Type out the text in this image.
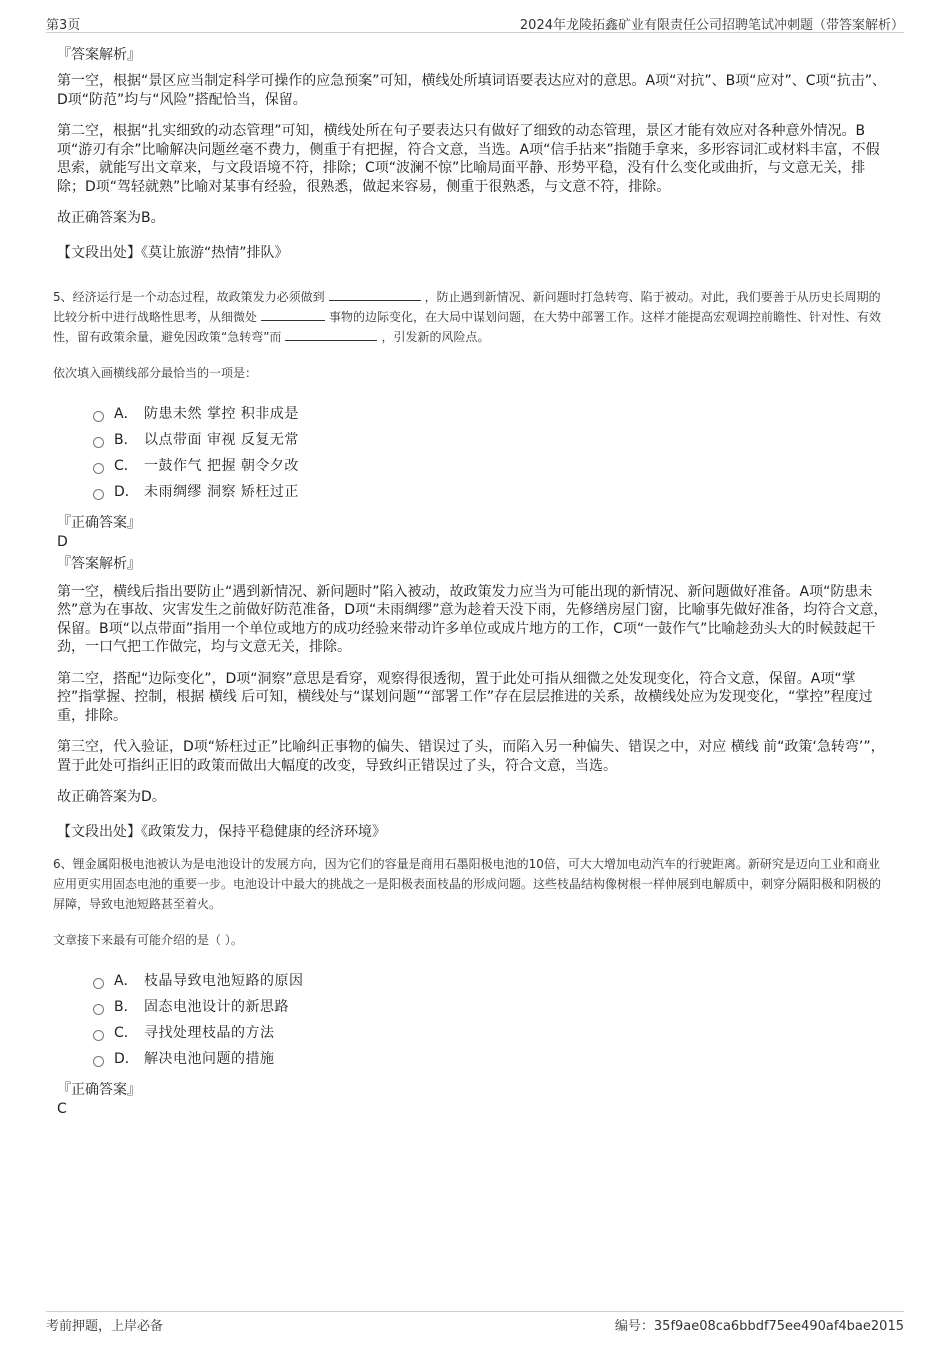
第3页	2024年龙陵拓鑫矿业有限责任公司招聘笔试冲刺题（带答案解析）
『答案解析』

第一空，根据“景区应当制定科学可操作的应急预案”可知，横线处所填词语要表达应对的意思。A项“对抗”、B项“应对”、C项“抗击”、D项“防范”均与“风险”搭配恰当，保留。

第二空，根据“扎实细致的动态管理”可知，横线处所在句子要表达只有做好了细致的动态管理，景区才能有效应对各种意外情况。B项“游刃有余”比喻解决问题丝毫不费力，侧重于有把握，符合文意，当选。A项“信手拈来”指随手拿来，多形容词汇或材料丰富，不假思索，就能写出文章来，与文段语境不符，排除；C项“波澜不惊”比喻局面平静、形势平稳，没有什么变化或曲折，与文意无关，排除；D项“驾轻就熟”比喻对某事有经验，很熟悉，做起来容易，侧重于很熟悉，与文意不符，排除。

故正确答案为B。

【文段出处】《莫让旅游“热情”排队》

5、经济运行是一个动态过程，故政策发力必须做到	，防止遇到新情况、新问题时打急转弯、陷于被动。对此，我们要善于从历史长周期的比较分析中进行战略性思考，从细微处	事物的边际变化，在大局中谋划问题，在大势中部署工作。这样才能提高宏观调控前瞻性、针对性、有效性，留有政策余量，避免因政策“急转弯”而	，引发新的风险点。
依次填入画横线部分最恰当的一项是：
A． 防患未然 掌控 积非成是
B． 以点带面 审视 反复无常
C． 一鼓作气 把握 朝令夕改
D． 未雨绸缪 洞察 矫枉过正
『正确答案』
D
『答案解析』

第一空，横线后指出要防止“遇到新情况、新问题时”陷入被动，故政策发力应当为可能出现的新情况、新问题做好准备。A项“防患未然”意为在事故、灾害发生之前做好防范准备，D项“未雨绸缪”意为趁着天没下雨，先修缮房屋门窗，比喻事先做好准备，均符合文意，保留。B项“以点带面”指用一个单位或地方的成功经验来带动许多单位或成片地方的工作，C项“一鼓作气”比喻趁劲头大的时候鼓起干劲，一口气把工作做完，均与文意无关，排除。

第二空，搭配“边际变化”，D项“洞察”意思是看穿，观察得很透彻，置于此处可指从细微之处发现变化，符合文意，保留。A项“掌控”指掌握、控制，根据 横线 后可知，横线处与“谋划问题”“部署工作”存在层层推进的关系，故横线处应为发现变化，“掌控”程度过重，排除。

第三空，代入验证，D项“矫枉过正”比喻纠正事物的偏失、错误过了头，而陷入另一种偏失、错误之中，对应 横线 前“政策‘急转弯’”，置于此处可指纠正旧的政策而做出大幅度的改变，导致纠正错误过了头，符合文意，当选。

故正确答案为D。

【文段出处】《政策发力，保持平稳健康的经济环境》

6、锂金属阳极电池被认为是电池设计的发展方向，因为它们的容量是商用石墨阳极电池的10倍，可大大增加电动汽车的行驶距离。新研究是迈向工业和商业应用更实用固态电池的重要一步。电池设计中最大的挑战之一是阳极表面枝晶的形成问题。这些枝晶结构像树根一样伸展到电解质中，刺穿分隔阳极和阴极的屏障，导致电池短路甚至着火。
文章接下来最有可能介绍的是（ ）。
A． 枝晶导致电池短路的原因
B． 固态电池设计的新思路
C． 寻找处理枝晶的方法
D． 解决电池问题的措施
『正确答案』
C
考前押题，上岸必备	编号：35f9ae08ca6bbdf75ee490af4bae2015
